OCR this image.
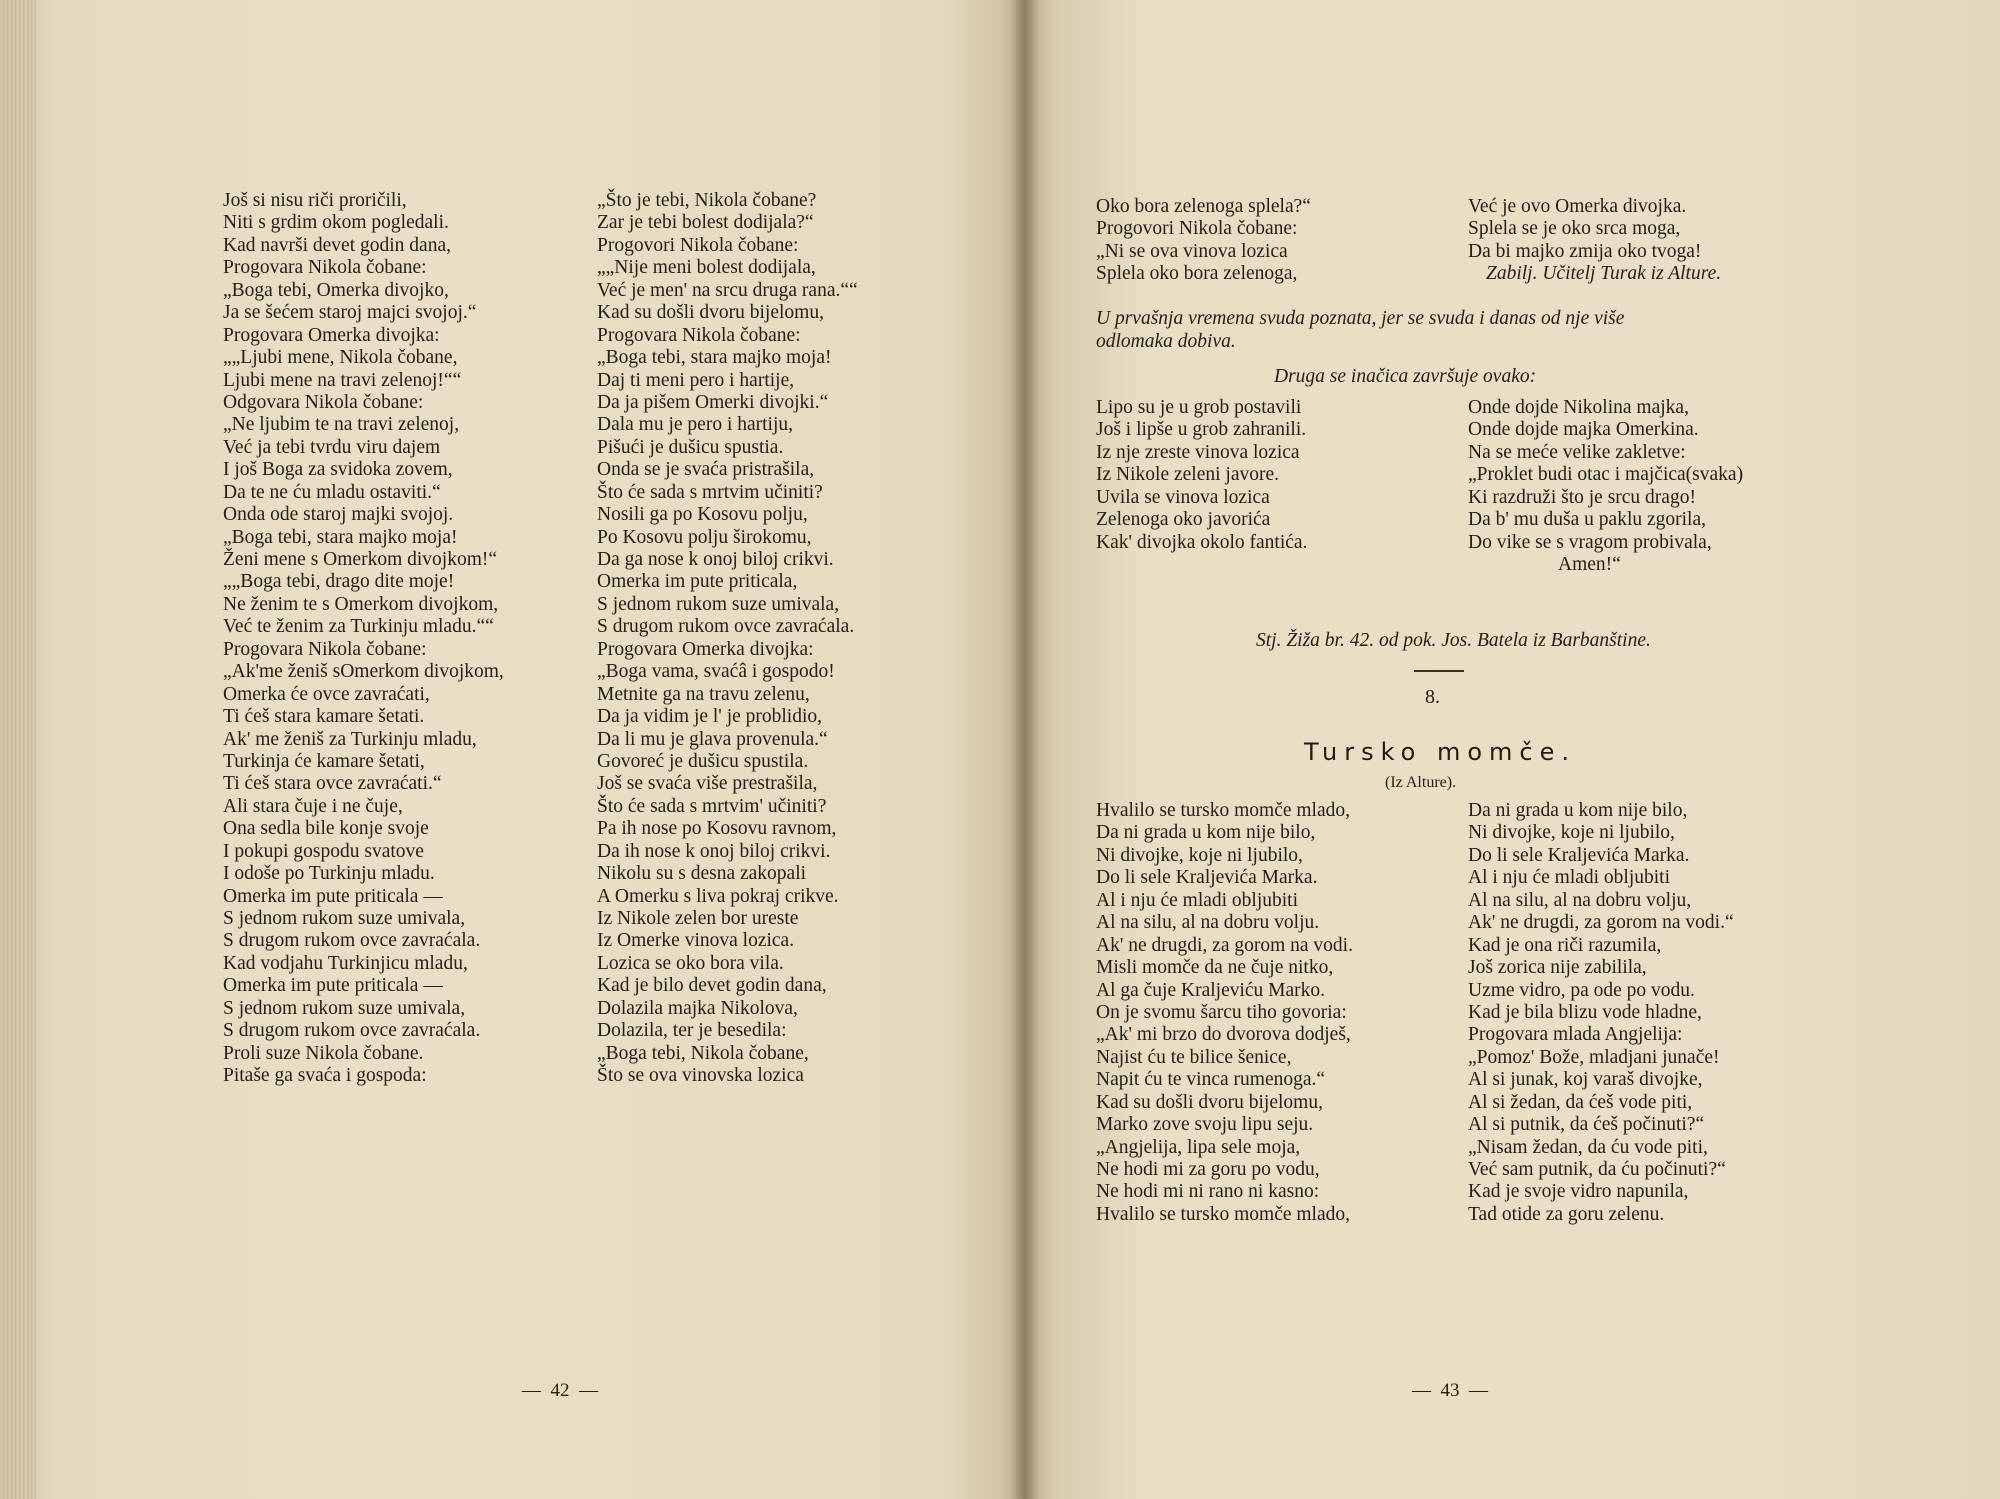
Još si nisu riči proričili,
Niti s grdim okom pogledali.
Kad navrši devet godin dana,
Progovara Nikola čobane:
„Boga tebi, Omerka divojko,
Ja se šećem staroj majci svojoj.“
Progovara Omerka divojka:
„„Ljubi mene, Nikola čobane,
Ljubi mene na travi zelenoj!““
Odgovara Nikola čobane:
„Ne ljubim te na travi zelenoj,
Već ja tebi tvrdu viru dajem
I još Boga za svidoka zovem,
Da te ne ću mladu ostaviti.“
Onda ode staroj majki svojoj.
„Boga tebi, stara majko moja!
Ženi mene s Omerkom divojkom!“
„„Boga tebi, drago dite moje!
Ne ženim te s Omerkom divojkom,
Već te ženim za Turkinju mladu.““
Progovara Nikola čobane:
„Ak'me ženiš sOmerkom divojkom,
Omerka će ovce zavraćati,
Ti ćeš stara kamare šetati.
Ak' me ženiš za Turkinju mladu,
Turkinja će kamare šetati,
Ti ćeš stara ovce zavraćati.“
Ali stara čuje i ne čuje,
Ona sedla bile konje svoje
I pokupi gospodu svatove
I odoše po Turkinju mladu.
Omerka im pute priticala —
S jednom rukom suze umivala,
S drugom rukom ovce zavraćala.
Kad vodjahu Turkinjicu mladu,
Omerka im pute priticala —
S jednom rukom suze umivala,
S drugom rukom ovce zavraćala.
Proli suze Nikola čobane.
Pitaše ga svaća i gospoda:
„Što je tebi, Nikola čobane?
Zar je tebi bolest dodijala?“
Progovori Nikola čobane:
„„Nije meni bolest dodijala,
Već je men' na srcu druga rana.““
Kad su došli dvoru bijelomu,
Progovara Nikola čobane:
„Boga tebi, stara majko moja!
Daj ti meni pero i hartije,
Da ja pišem Omerki divojki.“
Dala mu je pero i hartiju,
Pišući je dušicu spustia.
Onda se je svaća pristrašila,
Što će sada s mrtvim učiniti?
Nosili ga po Kosovu polju,
Po Kosovu polju širokomu,
Da ga nose k onoj biloj crikvi.
Omerka im pute priticala,
S jednom rukom suze umivala,
S drugom rukom ovce zavraćala.
Progovara Omerka divojka:
„Boga vama, svaćâ i gospodo!
Metnite ga na travu zelenu,
Da ja vidim je l' je problidio,
Da li mu je glava provenula.“
Govoreć je dušicu spustila.
Još se svaća više prestrašila,
Što će sada s mrtvim' učiniti?
Pa ih nose po Kosovu ravnom,
Da ih nose k onoj biloj crikvi.
Nikolu su s desna zakopali
A Omerku s liva pokraj crikve.
Iz Nikole zelen bor ureste
Iz Omerke vinova lozica.
Lozica se oko bora vila.
Kad je bilo devet godin dana,
Dolazila majka Nikolova,
Dolazila, ter je besedila:
„Boga tebi, Nikola čobane,
Što se ova vinovska lozica
—  42  —
Oko bora zelenoga splela?“
Progovori Nikola čobane:
„Ni se ova vinova lozica
Splela oko bora zelenoga,
Već je ovo Omerka divojka.
Splela se je oko srca moga,
Da bi majko zmija oko tvoga!
Zabilj. Učitelj Turak iz Alture.
U prvašnja vremena svuda poznata, jer se svuda i danas od nje više
odlomaka dobiva.
Druga se inačica završuje ovako:
Lipo su je u grob postavili
Još i lipše u grob zahranili.
Iz nje zreste vinova lozica
Iz Nikole zeleni javore.
Uvila se vinova lozica
Zelenoga oko javorića
Kak' divojka okolo fantića.
Onde dojde Nikolina majka,
Onde dojde majka Omerkina.
Na se meće velike zakletve:
„Proklet budi otac i majčica(svaka)
Ki razdruži što je srcu drago!
Da b' mu duša u paklu zgorila,
Do vike se s vragom probivala,
Amen!“
Stj. Žiža br. 42. od pok. Jos. Batela iz Barbanštine.
8.
Tursko momče.
(Iz Alture).
Hvalilo se tursko momče mlado,
Da ni grada u kom nije bilo,
Ni divojke, koje ni ljubilo,
Do li sele Kraljevića Marka.
Al i nju će mladi obljubiti
Al na silu, al na dobru volju.
Ak' ne drugdi, za gorom na vodi.
Misli momče da ne čuje nitko,
Al ga čuje Kraljeviću Marko.
On je svomu šarcu tiho govoria:
„Ak' mi brzo do dvorova dodješ,
Najist ću te bilice šenice,
Napit ću te vinca rumenoga.“
Kad su došli dvoru bijelomu,
Marko zove svoju lipu seju.
„Angjelija, lipa sele moja,
Ne hodi mi za goru po vodu,
Ne hodi mi ni rano ni kasno:
Hvalilo se tursko momče mlado,
Da ni grada u kom nije bilo,
Ni divojke, koje ni ljubilo,
Do li sele Kraljevića Marka.
Al i nju će mladi obljubiti
Al na silu, al na dobru volju,
Ak' ne drugdi, za gorom na vodi.“
Kad je ona riči razumila,
Još zorica nije zabilila,
Uzme vidro, pa ode po vodu.
Kad je bila blizu vode hladne,
Progovara mlada Angjelija:
„Pomoz' Bože, mladjani junače!
Al si junak, koj varaš divojke,
Al si žedan, da ćeš vode piti,
Al si putnik, da ćeš počinuti?“
„Nisam žedan, da ću vode piti,
Već sam putnik, da ću počinuti?“
Kad je svoje vidro napunila,
Tad otide za goru zelenu.
—  43  —
